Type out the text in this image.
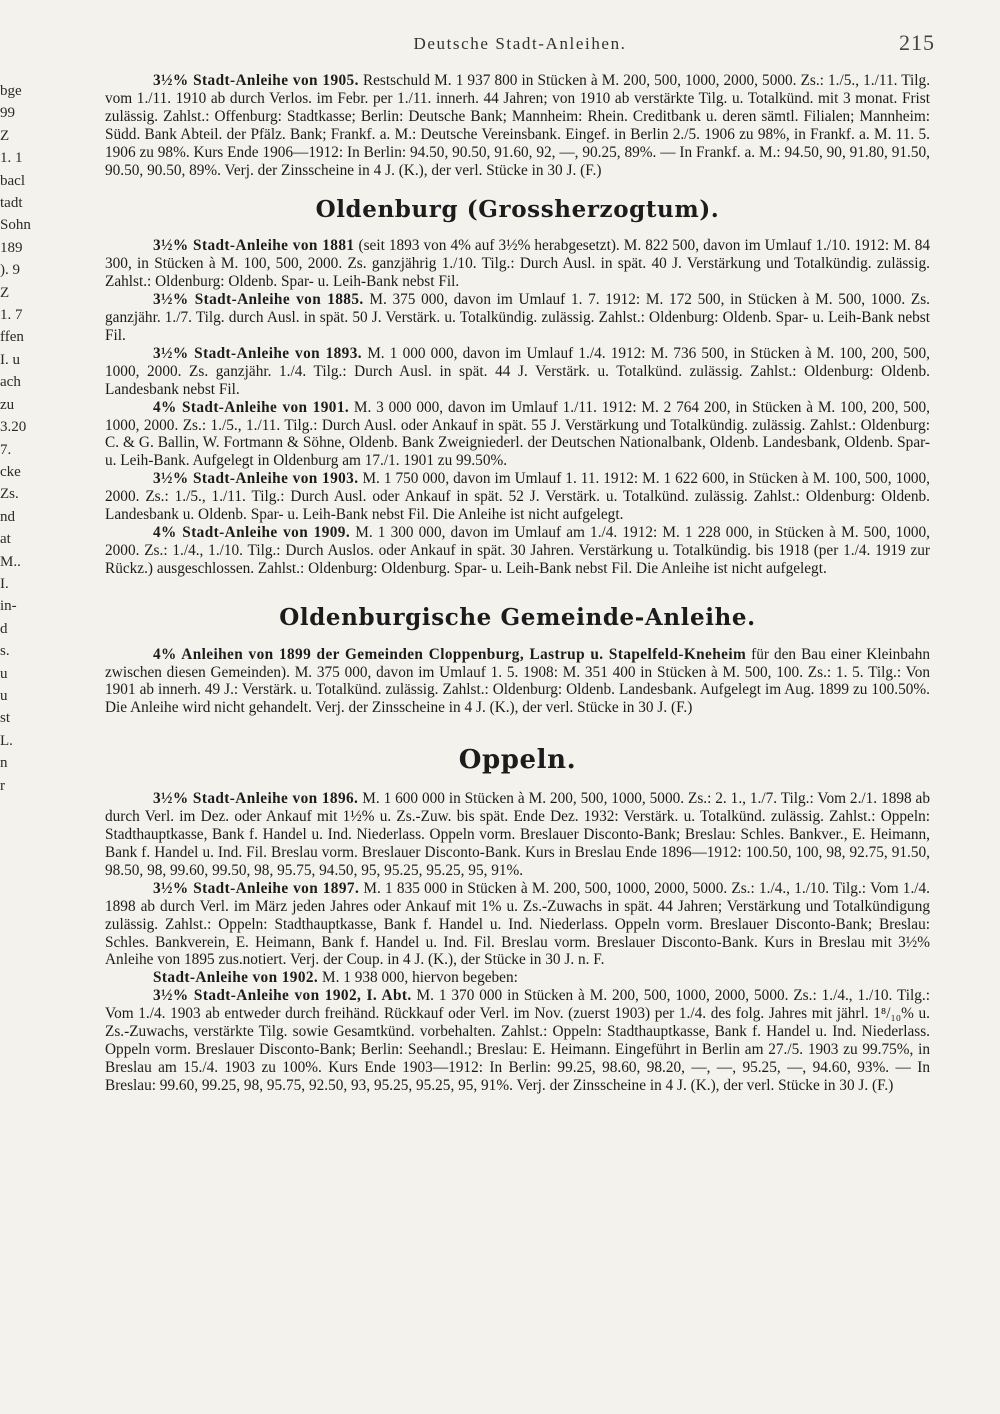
bge
99
Z
1. 1
bacl
tadt
Sohn
189
). 9
Z
1. 7
ffen
I. u
ach
zu
3.20
7.
cke
Zs.
nd
at
M..
I.
in-
d
s.
u
u
st
L.
n
r
Deutsche Stadt-Anleihen.	215

3½% Stadt-Anleihe von 1905. Restschuld M. 1 937 800 in Stücken à M. 200, 500, 1000, 2000, 5000. Zs.: 1./5., 1./11. Tilg. vom 1./11. 1910 ab durch Verlos. im Febr. per 1./11. innerh. 44 Jahren; von 1910 ab verstärkte Tilg. u. Totalkünd. mit 3 monat. Frist zulässig. Zahlst.: Offenburg: Stadtkasse; Berlin: Deutsche Bank; Mannheim: Rhein. Creditbank u. deren sämtl. Filialen; Mannheim: Südd. Bank Abteil. der Pfälz. Bank; Frankf. a. M.: Deutsche Vereinsbank. Eingef. in Berlin 2./5. 1906 zu 98%, in Frankf. a. M. 11. 5. 1906 zu 98%. Kurs Ende 1906—1912: In Berlin: 94.50, 90.50, 91.60, 92, —, 90.25, 89%. — In Frankf. a. M.: 94.50, 90, 91.80, 91.50, 90.50, 90.50, 89%. Verj. der Zinsscheine in 4 J. (K.), der verl. Stücke in 30 J. (F.)

Oldenburg (Grossherzogtum).

3½% Stadt-Anleihe von 1881 (seit 1893 von 4% auf 3½% herabgesetzt). M. 822 500, davon im Umlauf 1./10. 1912: M. 84 300, in Stücken à M. 100, 500, 2000. Zs. ganzjährig 1./10. Tilg.: Durch Ausl. in spät. 40 J. Verstärkung und Totalkündig. zulässig. Zahlst.: Oldenburg: Oldenb. Spar- u. Leih-Bank nebst Fil.

3½% Stadt-Anleihe von 1885. M. 375 000, davon im Umlauf 1. 7. 1912: M. 172 500, in Stücken à M. 500, 1000. Zs. ganzjähr. 1./7. Tilg. durch Ausl. in spät. 50 J. Verstärk. u. Totalkündig. zulässig. Zahlst.: Oldenburg: Oldenb. Spar- u. Leih-Bank nebst Fil.

3½% Stadt-Anleihe von 1893. M. 1 000 000, davon im Umlauf 1./4. 1912: M. 736 500, in Stücken à M. 100, 200, 500, 1000, 2000. Zs. ganzjähr. 1./4. Tilg.: Durch Ausl. in spät. 44 J. Verstärk. u. Totalkünd. zulässig. Zahlst.: Oldenburg: Oldenb. Landesbank nebst Fil.

4% Stadt-Anleihe von 1901. M. 3 000 000, davon im Umlauf 1./11. 1912: M. 2 764 200, in Stücken à M. 100, 200, 500, 1000, 2000. Zs.: 1./5., 1./11. Tilg.: Durch Ausl. oder Ankauf in spät. 55 J. Verstärkung und Totalkündig. zulässig. Zahlst.: Oldenburg: C. & G. Ballin, W. Fortmann & Söhne, Oldenb. Bank Zweigniederl. der Deutschen Nationalbank, Oldenb. Landesbank, Oldenb. Spar- u. Leih-Bank. Aufgelegt in Oldenburg am 17./1. 1901 zu 99.50%.

3½% Stadt-Anleihe von 1903. M. 1 750 000, davon im Umlauf 1. 11. 1912: M. 1 622 600, in Stücken à M. 100, 500, 1000, 2000. Zs.: 1./5., 1./11. Tilg.: Durch Ausl. oder Ankauf in spät. 52 J. Verstärk. u. Totalkünd. zulässig. Zahlst.: Oldenburg: Oldenb. Landesbank u. Oldenb. Spar- u. Leih-Bank nebst Fil. Die Anleihe ist nicht aufgelegt.

4% Stadt-Anleihe von 1909. M. 1 300 000, davon im Umlauf am 1./4. 1912: M. 1 228 000, in Stücken à M. 500, 1000, 2000. Zs.: 1./4., 1./10. Tilg.: Durch Auslos. oder Ankauf in spät. 30 Jahren. Verstärkung u. Totalkündig. bis 1918 (per 1./4. 1919 zur Rückz.) ausgeschlossen. Zahlst.: Oldenburg: Oldenburg. Spar- u. Leih-Bank nebst Fil. Die Anleihe ist nicht aufgelegt.

Oldenburgische Gemeinde-Anleihe.

4% Anleihen von 1899 der Gemeinden Cloppenburg, Lastrup u. Stapelfeld-Kneheim für den Bau einer Kleinbahn zwischen diesen Gemeinden). M. 375 000, davon im Umlauf 1. 5. 1908: M. 351 400 in Stücken à M. 500, 100. Zs.: 1. 5. Tilg.: Von 1901 ab innerh. 49 J.: Verstärk. u. Totalkünd. zulässig. Zahlst.: Oldenburg: Oldenb. Landesbank. Aufgelegt im Aug. 1899 zu 100.50%. Die Anleihe wird nicht gehandelt. Verj. der Zinsscheine in 4 J. (K.), der verl. Stücke in 30 J. (F.)

Oppeln.

3½% Stadt-Anleihe von 1896. M. 1 600 000 in Stücken à M. 200, 500, 1000, 5000. Zs.: 2. 1., 1./7. Tilg.: Vom 2./1. 1898 ab durch Verl. im Dez. oder Ankauf mit 1½% u. Zs.-Zuw. bis spät. Ende Dez. 1932: Verstärk. u. Totalkünd. zulässig. Zahlst.: Oppeln: Stadthauptkasse, Bank f. Handel u. Ind. Niederlass. Oppeln vorm. Breslauer Disconto-Bank; Breslau: Schles. Bankver., E. Heimann, Bank f. Handel u. Ind. Fil. Breslau vorm. Breslauer Disconto-Bank. Kurs in Breslau Ende 1896—1912: 100.50, 100, 98, 92.75, 91.50, 98.50, 98, 99.60, 99.50, 98, 95.75, 94.50, 95, 95.25, 95.25, 95, 91%.

3½% Stadt-Anleihe von 1897. M. 1 835 000 in Stücken à M. 200, 500, 1000, 2000, 5000. Zs.: 1./4., 1./10. Tilg.: Vom 1./4. 1898 ab durch Verl. im März jeden Jahres oder Ankauf mit 1% u. Zs.-Zuwachs in spät. 44 Jahren; Verstärkung und Totalkündigung zulässig. Zahlst.: Oppeln: Stadthauptkasse, Bank f. Handel u. Ind. Niederlass. Oppeln vorm. Breslauer Disconto-Bank; Breslau: Schles. Bankverein, E. Heimann, Bank f. Handel u. Ind. Fil. Breslau vorm. Breslauer Disconto-Bank. Kurs in Breslau mit 3½% Anleihe von 1895 zus.notiert. Verj. der Coup. in 4 J. (K.), der Stücke in 30 J. n. F.

Stadt-Anleihe von 1902. M. 1 938 000, hiervon begeben:

3½% Stadt-Anleihe von 1902, I. Abt. M. 1 370 000 in Stücken à M. 200, 500, 1000, 2000, 5000. Zs.: 1./4., 1./10. Tilg.: Vom 1./4. 1903 ab entweder durch freihänd. Rückkauf oder Verl. im Nov. (zuerst 1903) per 1./4. des folg. Jahres mit jährl. 1⁸/₁₀% u. Zs.-Zuwachs, verstärkte Tilg. sowie Gesamtkünd. vorbehalten. Zahlst.: Oppeln: Stadthauptkasse, Bank f. Handel u. Ind. Niederlass. Oppeln vorm. Breslauer Disconto-Bank; Berlin: Seehandl.; Breslau: E. Heimann. Eingeführt in Berlin am 27./5. 1903 zu 99.75%, in Breslau am 15./4. 1903 zu 100%. Kurs Ende 1903—1912: In Berlin: 99.25, 98.60, 98.20, —, —, 95.25, —, 94.60, 93%. — In Breslau: 99.60, 99.25, 98, 95.75, 92.50, 93, 95.25, 95.25, 95, 91%. Verj. der Zinsscheine in 4 J. (K.), der verl. Stücke in 30 J. (F.)
